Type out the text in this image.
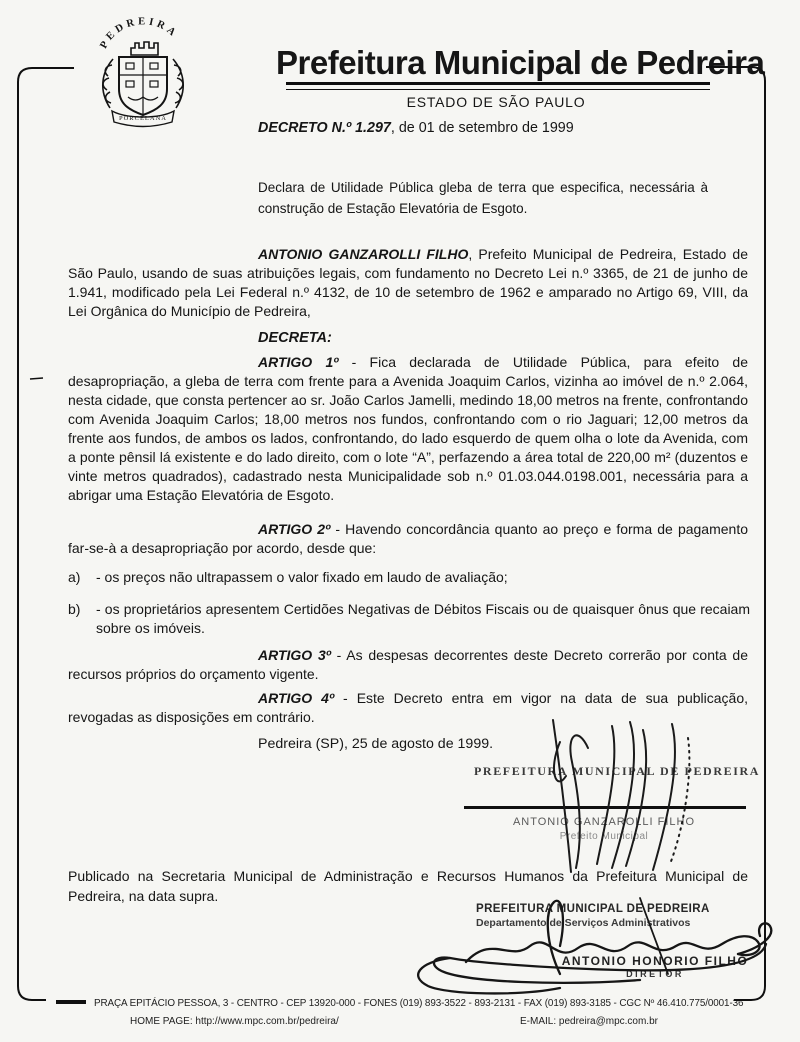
PEDREIRA
PORCELANA
Prefeitura Municipal de Pedreira
ESTADO DE SÃO PAULO
DECRETO N.º 1.297, de 01 de setembro de 1999
Declara de Utilidade Pública gleba de terra que especifica, necessária à construção de Estação Elevatória de Esgoto.
ANTONIO GANZAROLLI FILHO, Prefeito Municipal de Pedreira, Estado de São Paulo, usando de suas atribuições legais, com fundamento no Decreto Lei n.º 3365, de 21 de junho de 1.941, modificado pela Lei Federal n.º 4132, de 10 de setembro de 1962 e amparado no Artigo 69, VIII, da Lei Orgânica do Município de Pedreira,
DECRETA:
ARTIGO 1º - Fica declarada de Utilidade Pública, para efeito de desapropriação, a gleba de terra com frente para a Avenida Joaquim Carlos, vizinha ao imóvel de n.º 2.064, nesta cidade, que consta pertencer ao sr. João Carlos Jamelli, medindo 18,00 metros na frente, confrontando com Avenida Joaquim Carlos; 18,00 metros nos fundos, confrontando com o rio Jaguari; 12,00 metros da frente aos fundos, de ambos os lados, confrontando, do lado esquerdo de quem olha o lote da Avenida, com a ponte pênsil lá existente e do lado direito, com o lote “A”, perfazendo a área total de 220,00 m² (duzentos e vinte metros quadrados), cadastrado nesta Municipalidade sob n.º 01.03.044.0198.001, necessária para a abrigar uma Estação Elevatória de Esgoto.
ARTIGO 2º - Havendo concordância quanto ao preço e forma de pagamento far-se-à a desapropriação por acordo, desde que:
a)	- os preços não ultrapassem o valor fixado em laudo de avaliação;
b)	- os proprietários apresentem Certidões Negativas de Débitos Fiscais ou de quaisquer ônus que recaiam sobre os imóveis.
ARTIGO 3º - As despesas decorrentes deste Decreto correrão por conta de recursos próprios do orçamento vigente.
ARTIGO 4º - Este Decreto entra em vigor na data de sua publicação, revogadas as disposições em contrário.
Pedreira (SP), 25 de agosto de 1999.
PREFEITURA MUNICIPAL DE PEDREIRA
ANTONIO GANZAROLLI FILHO
Prefeito Municipal
Publicado na Secretaria Municipal de Administração e Recursos Humanos da Prefeitura Municipal de Pedreira, na data supra.
PREFEITURA MUNICIPAL DE PEDREIRA
Departamento de Serviços Administrativos
ANTONIO HONORIO FILHO
DIRETOR
PRAÇA EPITÁCIO PESSOA, 3 - CENTRO - CEP 13920-000 - FONES (019) 893-3522 - 893-2131 - FAX (019) 893-3185 - CGC Nº 46.410.775/0001-36
HOME PAGE: http://www.mpc.com.br/pedreira/	E-MAIL: pedreira@mpc.com.br
